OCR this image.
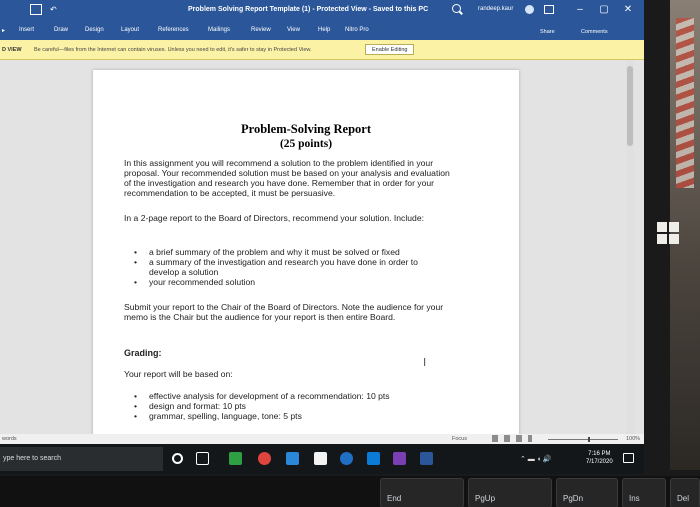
↶	Problem Solving Report Template (1) - Protected View - Saved to this PC	randeep.kaur	–	▢ ✕
▸ Insert	Draw	Design	Layout	References	Mailings	Review	View	Help Nitro Pro	Share	Comments
D VIEW Be careful—files from the Internet can contain viruses. Unless you need to edit, it's safer to stay in Protected View.	Enable Editing
Problem-Solving Report
(25 points)

In this assignment you will recommend a solution to the problem identified in your proposal. Your recommended solution must be based on your analysis and evaluation of the investigation and research you have done. Remember that in order for your recommendation to be accepted, it must be persuasive.

In a 2-page report to the Board of Directors, recommend your solution. Include:

• a brief summary of the problem and why it must be solved or fixed
• a summary of the investigation and research you have done in order to develop a solution
• your recommended solution

Submit your report to the Chair of the Board of Directors. Note the audience for your memo is the Chair but the audience for your report is then entire Board.

Grading:
I

Your report will be based on:

• effective analysis for development of a recommendation: 10 pts
• design and format: 10 pts
• grammar, spelling, language, tone: 5 pts
words	Focus	100%
ype here to search	⌃ ▬ ◖ 🔊
7:16 PM
7/17/2020
End	PgUp	PgDn	Ins	Del
